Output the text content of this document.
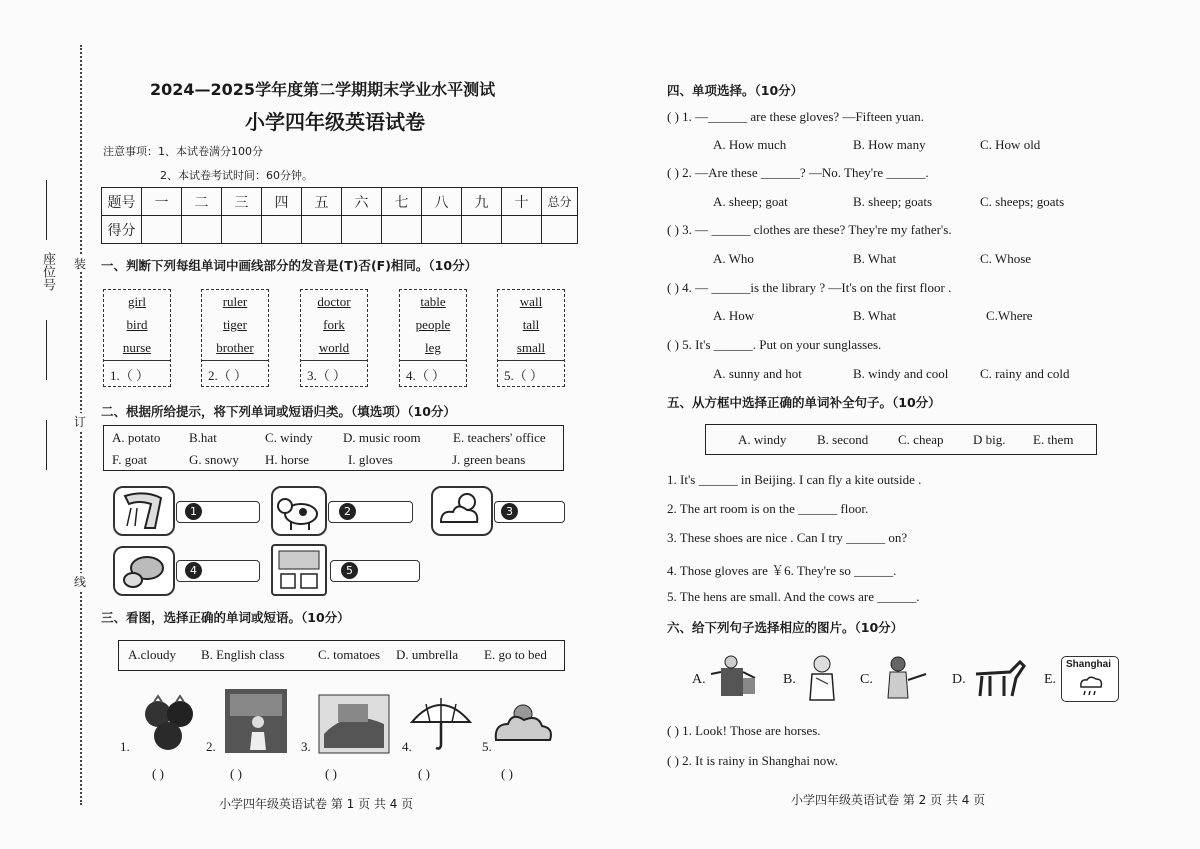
座位号 装
订
线
2024—2025学年度第二学期期末学业水平测试
小学四年级英语试卷
注意事项：1、本试卷满分100分
2、本试卷考试时间：60分钟。
题号	一	二	三	四	五	六	七	八	九	十	总分
得分											
一、判断下列每组单词中画线部分的发音是(T)否(F)相同。（10分）
girl
bird
nurse
1.（ ）
ruler
tiger
brother
2.（ ）
doctor
fork
world
3.（ ）
table
people
leg
4.（ ）
wall
tall
small
5.（ ）
二、根据所给提示，将下列单词或短语归类。（填选项）（10分）
A. potato B.hat	C. windy D. music room E. teachers' office
F. goat	G. snowy H. horse	I. gloves	J. green beans
1	2	3
4	5
三、看图，选择正确的单词或短语。（10分）
A.cloudy B. English class	C. tomatoes D. umbrella E. go to bed
1.	2.	3.	4.	5.
( )	( )	( )	( )	( )
小学四年级英语试卷 第 1 页 共 4 页
四、单项选择。（10分）
( ) 1. —______ are these gloves? —Fifteen yuan.
A. How much	B. How many	C. How old
( ) 2. —Are these ______? —No. They're ______.
A. sheep; goat	B. sheep; goats	C. sheeps; goats
( ) 3. — ______ clothes are these? They're my father's.
A. Who	B. What	C. Whose
( ) 4. — ______is the library ? —It's on the first floor .
A. How	B. What	C.Where
( ) 5. It's ______. Put on your sunglasses.
A. sunny and hot	B. windy and cool C. rainy and cold
五、从方框中选择正确的单词补全句子。（10分）
A. windy B. second C. cheap D big. E. them
1. It's ______ in Beijing. I can fly a kite outside .
2. The art room is on the ______ floor.
3. These shoes are nice . Can I try ______ on?
4. Those gloves are ￥6. They're so ______.
5. The hens are small. And the cows are ______.
六、给下列句子选择相应的图片。（10分）
A.	B.	C.	D.	E.
Shanghai
( ) 1. Look! Those are horses.
( ) 2. It is rainy in Shanghai now.
小学四年级英语试卷 第 2 页 共 4 页
